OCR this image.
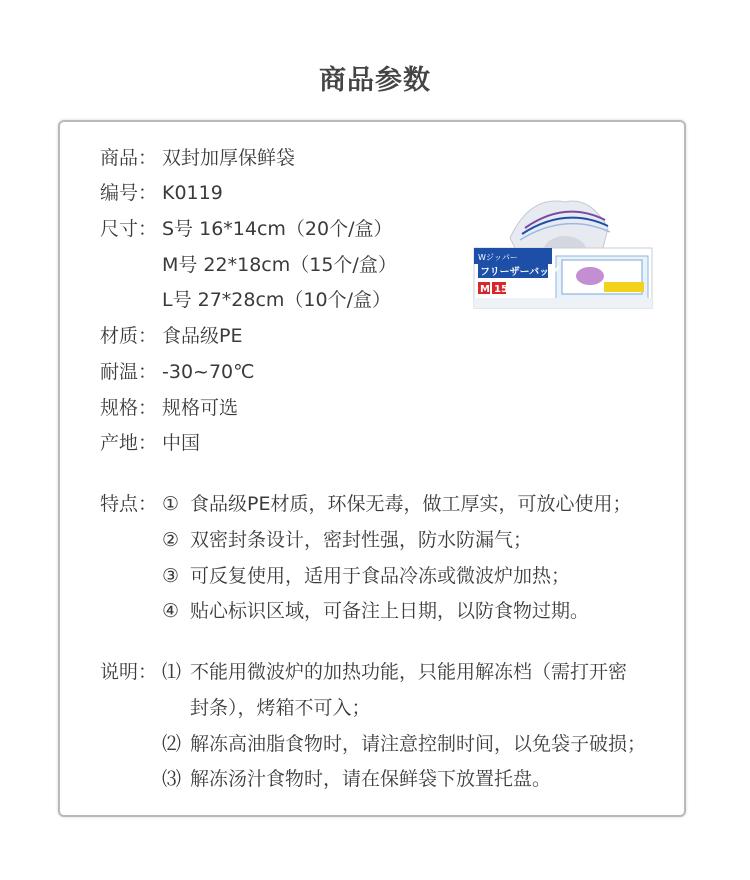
商品参数
商品： 双封加厚保鲜袋
编号： K0119
尺寸： S号 16*14cm（20个/盒）
M号 22*18cm（15个/盒）
L号 27*28cm（10个/盒）
材质： 食品级PE
耐温： -30~70℃
规格： 规格可选
产地： 中国
特点： ① 食品级PE材质，环保无毒，做工厚实，可放心使用；
② 双密封条设计，密封性强，防水防漏气；
③ 可反复使用，适用于食品冷冻或微波炉加热；
④ 贴心标识区域，可备注上日期，以防食物过期。
说明： ⑴ 不能用微波炉的加热功能，只能用解冻档（需打开密
封条），烤箱不可入；
⑵ 解冻高油脂食物时，请注意控制时间，以免袋子破损；
⑶ 解冻汤汁食物时，请在保鲜袋下放置托盘。
Wジッパー
フリーザーバッグ
M 15
